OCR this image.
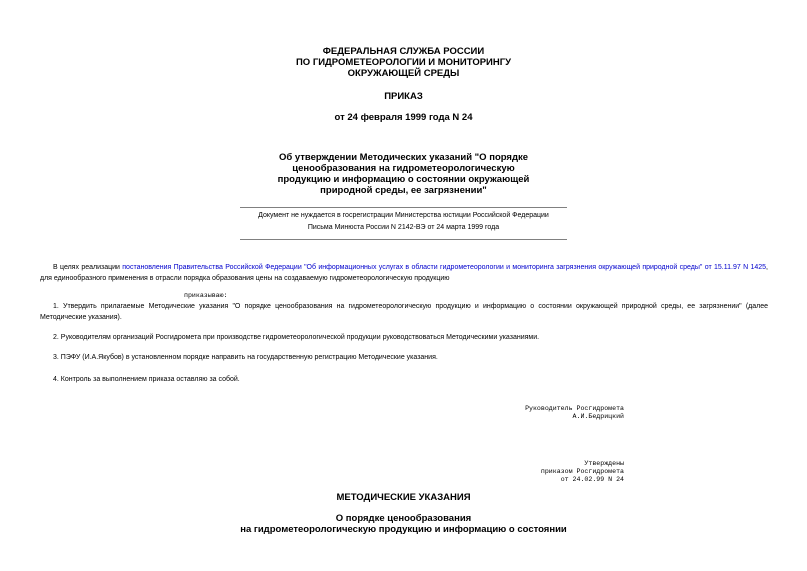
ФЕДЕРАЛЬНАЯ СЛУЖБА РОССИИ
ПО ГИДРОМЕТЕОРОЛОГИИ И МОНИТОРИНГУ
ОКРУЖАЮЩЕЙ СРЕДЫ
ПРИКАЗ
от 24 февраля 1999 года N 24
Об утверждении Методических указаний "О порядке
ценообразования на гидрометеорологическую
продукцию и информацию о состоянии окружающей
природной среды, ее загрязнении"
Документ не нуждается в госрегистрации Министерства юстиции Российской Федерации
Письма Минюста России N 2142-ВЭ от 24 марта 1999 года
В целях реализации постановления Правительства Российской Федерации "Об информационных услугах в области гидрометеорологии и мониторинга загрязнения окружающей природной среды" от 15.11.97 N 1425, для единообразного применения в отрасли порядка образования цены на создаваемую гидрометеорологическую продукцию
приказываю:
1. Утвердить прилагаемые Методические указания "О порядке ценообразования на гидрометеорологическую продукцию и информацию о состоянии окружающей природной среды, ее загрязнении" (далее Методические указания).
2. Руководителям организаций Росгидромета при производстве гидрометеорологической продукции руководствоваться Методическими указаниями.
3. ПЭФУ (И.А.Якубов) в установленном порядке направить на государственную регистрацию Методические указания.
4. Контроль за выполнением приказа оставляю за собой.
Руководитель Росгидромета
А.И.Бедрицкий
Утверждены
приказом Росгидромета
от 24.02.99 N 24
МЕТОДИЧЕСКИЕ УКАЗАНИЯ
О порядке ценообразования
на гидрометеорологическую продукцию и информацию о состоянии
